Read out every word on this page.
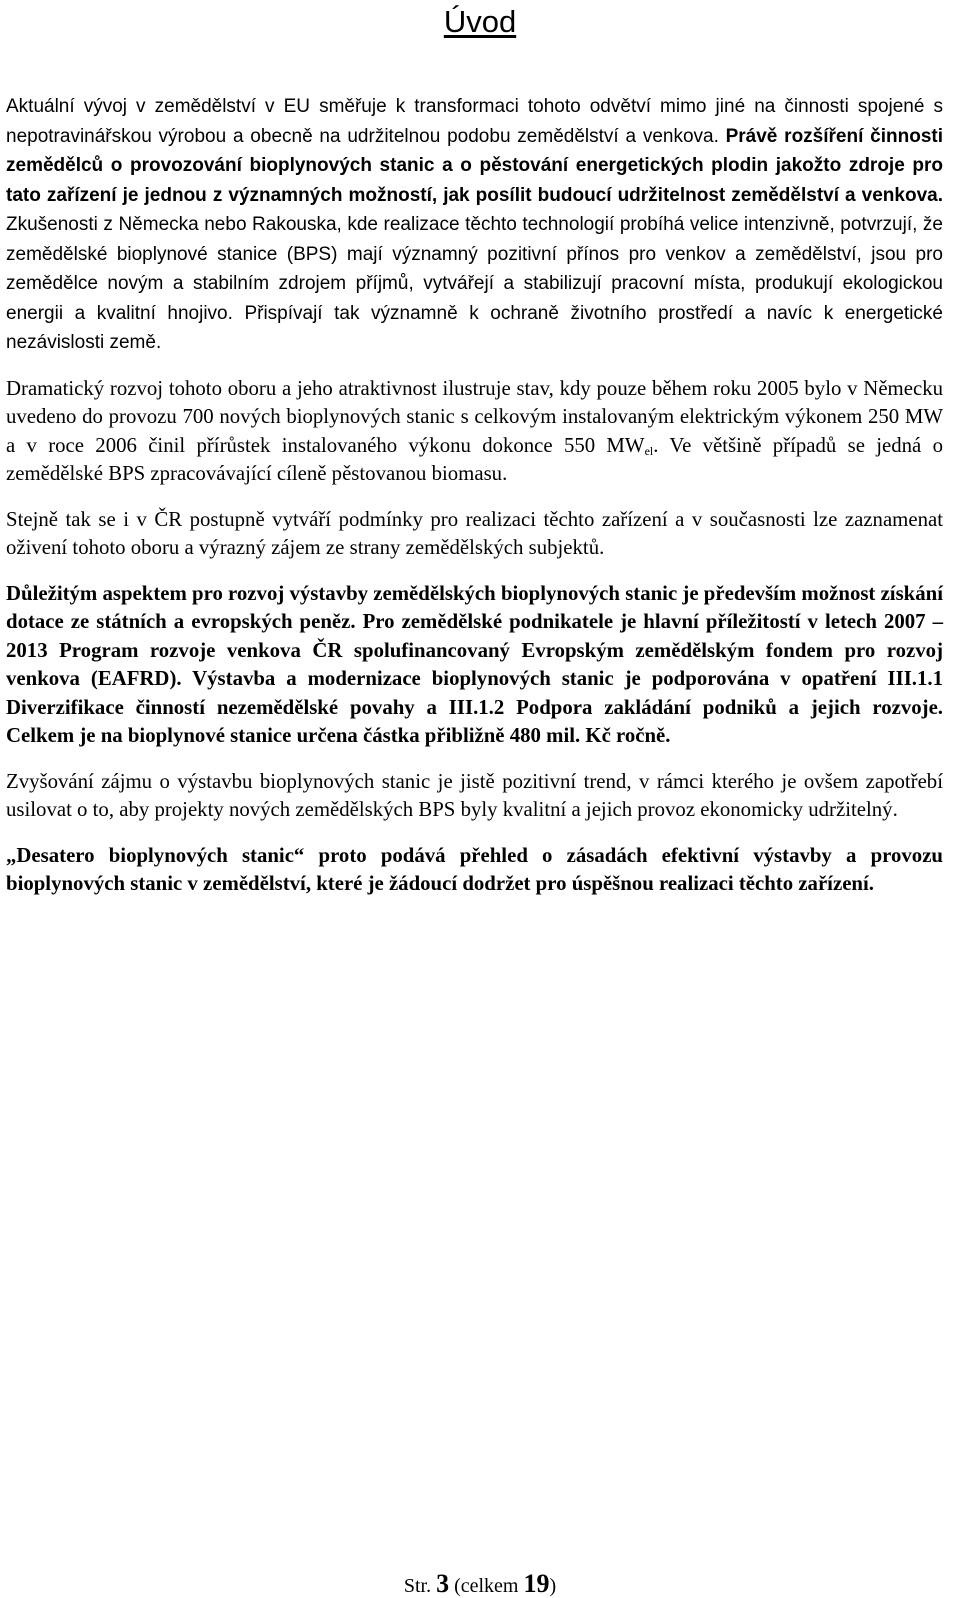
Úvod

Aktuální vývoj v zemědělství v EU směřuje k transformaci tohoto odvětví mimo jiné na činnosti spojené s nepotravinářskou výrobou a obecně na udržitelnou podobu zemědělství a venkova. Právě rozšíření činnosti zemědělců o provozování bioplynových stanic a o pěstování energetických plodin jakožto zdroje pro tato zařízení je jednou z významných možností, jak posílit budoucí udržitelnost zemědělství a venkova. Zkušenosti z Německa nebo Rakouska, kde realizace těchto technologií probíhá velice intenzivně, potvrzují, že zemědělské bioplynové stanice (BPS) mají významný pozitivní přínos pro venkov a zemědělství, jsou pro zemědělce novým a stabilním zdrojem příjmů, vytvářejí a stabilizují pracovní místa, produkují ekologickou energii a kvalitní hnojivo. Přispívají tak významně k ochraně životního prostředí a navíc k energetické nezávislosti země.

Dramatický rozvoj tohoto oboru a jeho atraktivnost ilustruje stav, kdy pouze během roku 2005 bylo v Německu uvedeno do provozu 700 nových bioplynových stanic s celkovým instalovaným elektrickým výkonem 250 MW a v roce 2006 činil přírůstek instalovaného výkonu dokonce 550 $MW_{el}$. Ve většině případů se jedná o zemědělské BPS zpracovávající cíleně pěstovanou biomasu.

Stejně tak se i v ČR postupně vytváří podmínky pro realizaci těchto zařízení a v současnosti lze zaznamenat oživení tohoto oboru a výrazný zájem ze strany zemědělských subjektů.

Důležitým aspektem pro rozvoj výstavby zemědělských bioplynových stanic je především možnost získání dotace ze státních a evropských peněz. Pro zemědělské podnikatele je hlavní příležitostí v letech 2007 – 2013 Program rozvoje venkova ČR spolufinancovaný Evropským zemědělským fondem pro rozvoj venkova (EAFRD). Výstavba a modernizace bioplynových stanic je podporována v opatření III.1.1 Diverzifikace činností nezemědělské povahy a III.1.2 Podpora zakládání podniků a jejich rozvoje. Celkem je na bioplynové stanice určena částka přibližně 480 mil. Kč ročně.

Zvyšování zájmu o výstavbu bioplynových stanic je jistě pozitivní trend, v rámci kterého je ovšem zapotřebí usilovat o to, aby projekty nových zemědělských BPS byly kvalitní a jejich provoz ekonomicky udržitelný.

„Desatero bioplynových stanic“ proto podává přehled o zásadách efektivní výstavby a provozu bioplynových stanic v zemědělství, které je žádoucí dodržet pro úspěšnou realizaci těchto zařízení.

Str. 3 (celkem 19)
